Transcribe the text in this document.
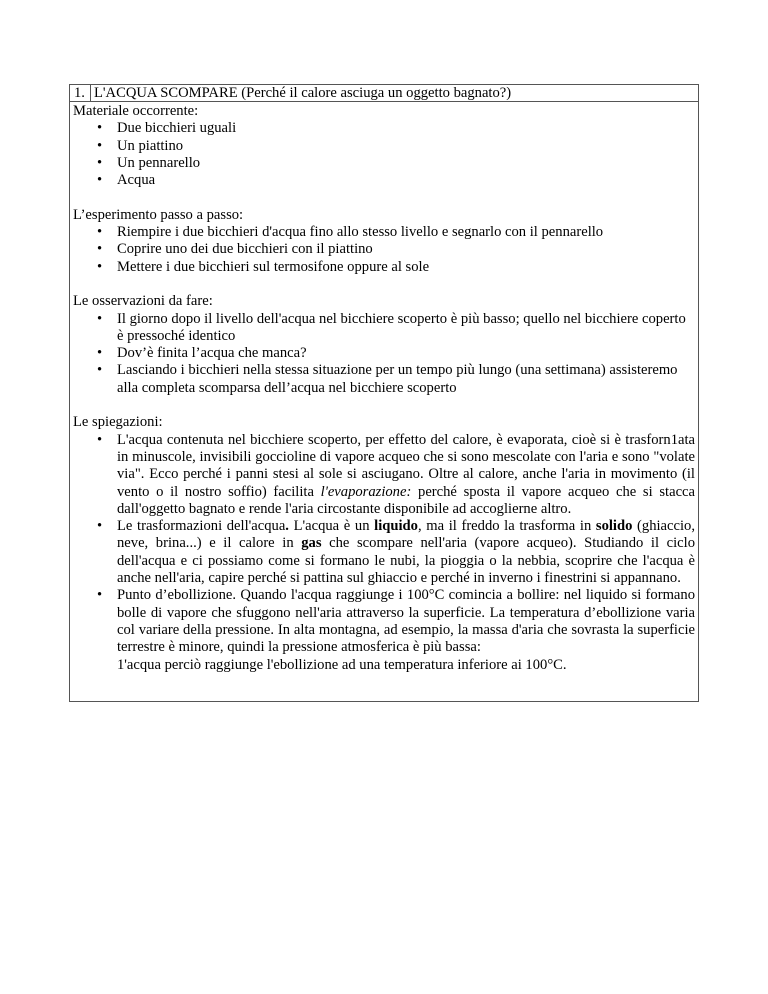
1. L'ACQUA SCOMPARE (Perché il calore asciuga un oggetto bagnato?)

Materiale occorrente:

• Due bicchieri uguali
• Un piattino
• Un pennarello
• Acqua

L’esperimento passo a passo:

• Riempire i due bicchieri d'acqua fino allo stesso livello e segnarlo con il pennarello
• Coprire uno dei due bicchieri con il piattino
• Mettere i due bicchieri sul termosifone oppure al sole

Le osservazioni da fare:

• Il giorno dopo il livello dell'acqua nel bicchiere scoperto è più basso; quello nel bicchiere coperto è pressoché identico
• Dov’è finita l’acqua che manca?
• Lasciando i bicchieri nella stessa situazione per un tempo più lungo (una settimana) assisteremo alla completa scomparsa dell’acqua nel bicchiere scoperto

Le spiegazioni:

• L'acqua contenuta nel bicchiere scoperto, per effetto del calore, è evaporata, cioè si è trasforn1ata in minuscole, invisibili goccioline di vapore acqueo che si sono mescolate con l'aria e sono "volate via". Ecco perché i panni stesi al sole si asciugano. Oltre al calore, anche l'aria in movimento (il vento o il nostro soffio) facilita l'evaporazione: perché sposta il vapore acqueo che si stacca dall'oggetto bagnato e rende l'aria circostante disponibile ad accoglierne altro.
• Le trasformazioni dell'acqua. L'acqua è un liquido, ma il freddo la trasforma in solido (ghiaccio, neve, brina...) e il calore in gas che scompare nell'aria (vapore acqueo). Studiando il ciclo dell'acqua e ci possiamo come si formano le nubi, la pioggia o la nebbia, scoprire che l'acqua è anche nell'aria, capire perché si pattina sul ghiaccio e perché in inverno i finestrini si appannano.
• Punto d’ebollizione. Quando l'acqua raggiunge i 100°C comincia a bollire: nel liquido si formano bolle di vapore che sfuggono nell'aria attraverso la superficie. La temperatura d’ebollizione varia col variare della pressione. In alta montagna, ad esempio, la massa d'aria che sovrasta la superficie terrestre è minore, quindi la pressione atmosferica è più bassa:
1'acqua perciò raggiunge l'ebollizione ad una temperatura inferiore ai 100°C.
